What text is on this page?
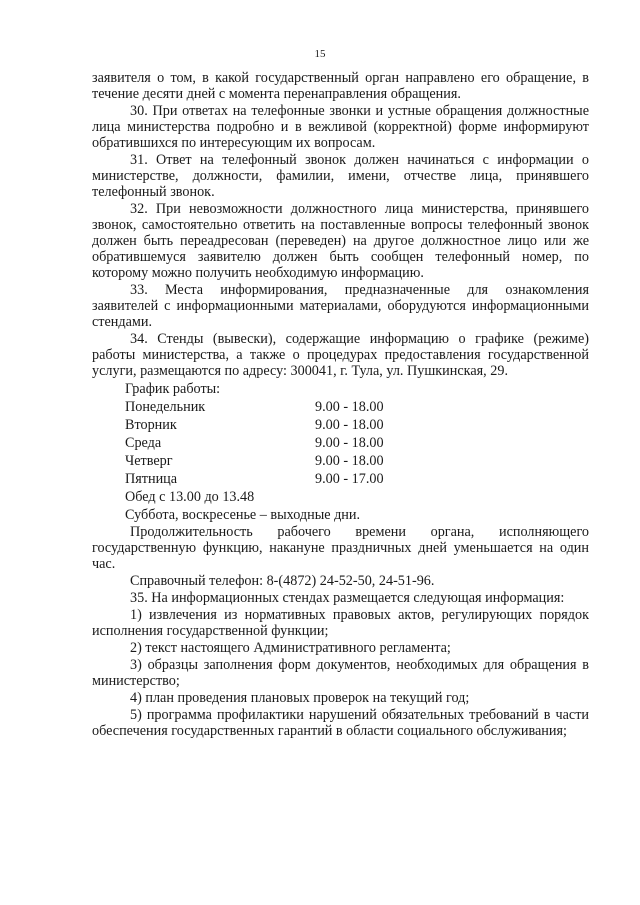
15

заявителя о том, в какой государственный орган направлено его обращение, в течение десяти дней с момента перенаправления обращения.

30. При ответах на телефонные звонки и устные обращения должностные лица министерства подробно и в вежливой (корректной) форме информируют обратившихся по интересующим их вопросам.

31. Ответ на телефонный звонок должен начинаться с информации о министерстве, должности, фамилии, имени, отчестве лица, принявшего телефонный звонок.

32. При невозможности должностного лица министерства, принявшего звонок, самостоятельно ответить на поставленные вопросы телефонный звонок должен быть переадресован (переведен) на другое должностное лицо или же обратившемуся заявителю должен быть сообщен телефонный номер, по которому можно получить необходимую информацию.

33. Места информирования, предназначенные для ознакомления заявителей с информационными материалами, оборудуются информационными стендами.

34. Стенды (вывески), содержащие информацию о графике (режиме) работы министерства, а также о процедурах предоставления государственной услуги, размещаются по адресу: 300041, г. Тула, ул. Пушкинская, 29.

График работы:
Понедельник	9.00 - 18.00
Вторник	9.00 - 18.00
Среда	9.00 - 18.00
Четверг	9.00 - 18.00
Пятница	9.00 - 17.00
Обед с 13.00 до 13.48
Суббота, воскресенье – выходные дни.

Продолжительность рабочего времени органа, исполняющего государственную функцию, накануне праздничных дней уменьшается на один час.

Справочный телефон: 8-(4872) 24-52-50, 24-51-96.

35. На информационных стендах размещается следующая информация:

1) извлечения из нормативных правовых актов, регулирующих порядок исполнения государственной функции;

2) текст настоящего Административного регламента;

3) образцы заполнения форм документов, необходимых для обращения в министерство;

4) план проведения плановых проверок на текущий год;

5) программа профилактики нарушений обязательных требований в части обеспечения государственных гарантий в области социального обслуживания;
